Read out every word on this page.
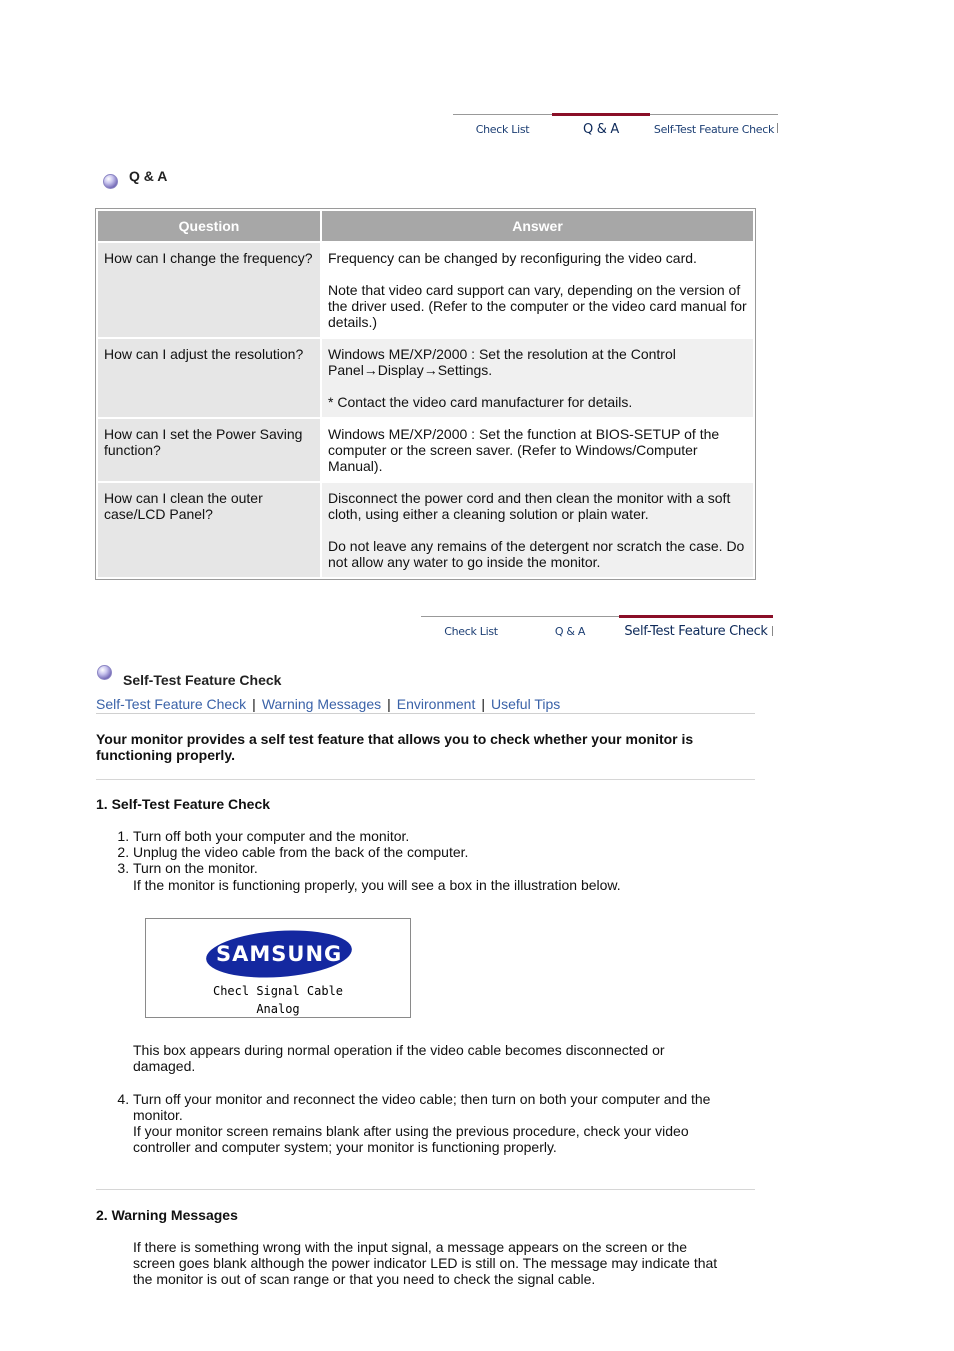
Check List	Q & A	Self-Test Feature Check
Q & A
Question	Answer
How can I change the frequency?	Frequency can be changed by reconfiguring the video card.

Note that video card support can vary, depending on the version of the driver used. (Refer to the computer or the video card manual for details.)

How can I adjust the resolution?	Windows ME/XP/2000 : Set the resolution at the Control Panel→Display→Settings.

* Contact the video card manufacturer for details.

How can I set the Power Saving function?	Windows ME/XP/2000 : Set the function at BIOS-SETUP of the computer or the screen saver. (Refer to Windows/Computer Manual).

How can I clean the outer case/LCD Panel?	Disconnect the power cord and then clean the monitor with a soft cloth, using either a cleaning solution or plain water.

Do not leave any remains of the detergent nor scratch the case. Do not allow any water to go inside the monitor.

Check List	Q & A	Self-Test Feature Check
Self-Test Feature Check
Self-Test Feature Check | Warning Messages | Environment | Useful Tips
Your monitor provides a self test feature that allows you to check whether your monitor is functioning properly.
1. Self-Test Feature Check
1. Turn off both your computer and the monitor.
2. Unplug the video cable from the back of the computer.
3. Turn on the monitor.
If the monitor is functioning properly, you will see a box in the illustration below.
SAMSUNG
Checl Signal Cable
Analog
This box appears during normal operation if the video cable becomes disconnected or damaged.
4. Turn off your monitor and reconnect the video cable; then turn on both your computer and the monitor.
If your monitor screen remains blank after using the previous procedure, check your video controller and computer system; your monitor is functioning properly.
2. Warning Messages
If there is something wrong with the input signal, a message appears on the screen or the screen goes blank although the power indicator LED is still on. The message may indicate that the monitor is out of scan range or that you need to check the signal cable.
